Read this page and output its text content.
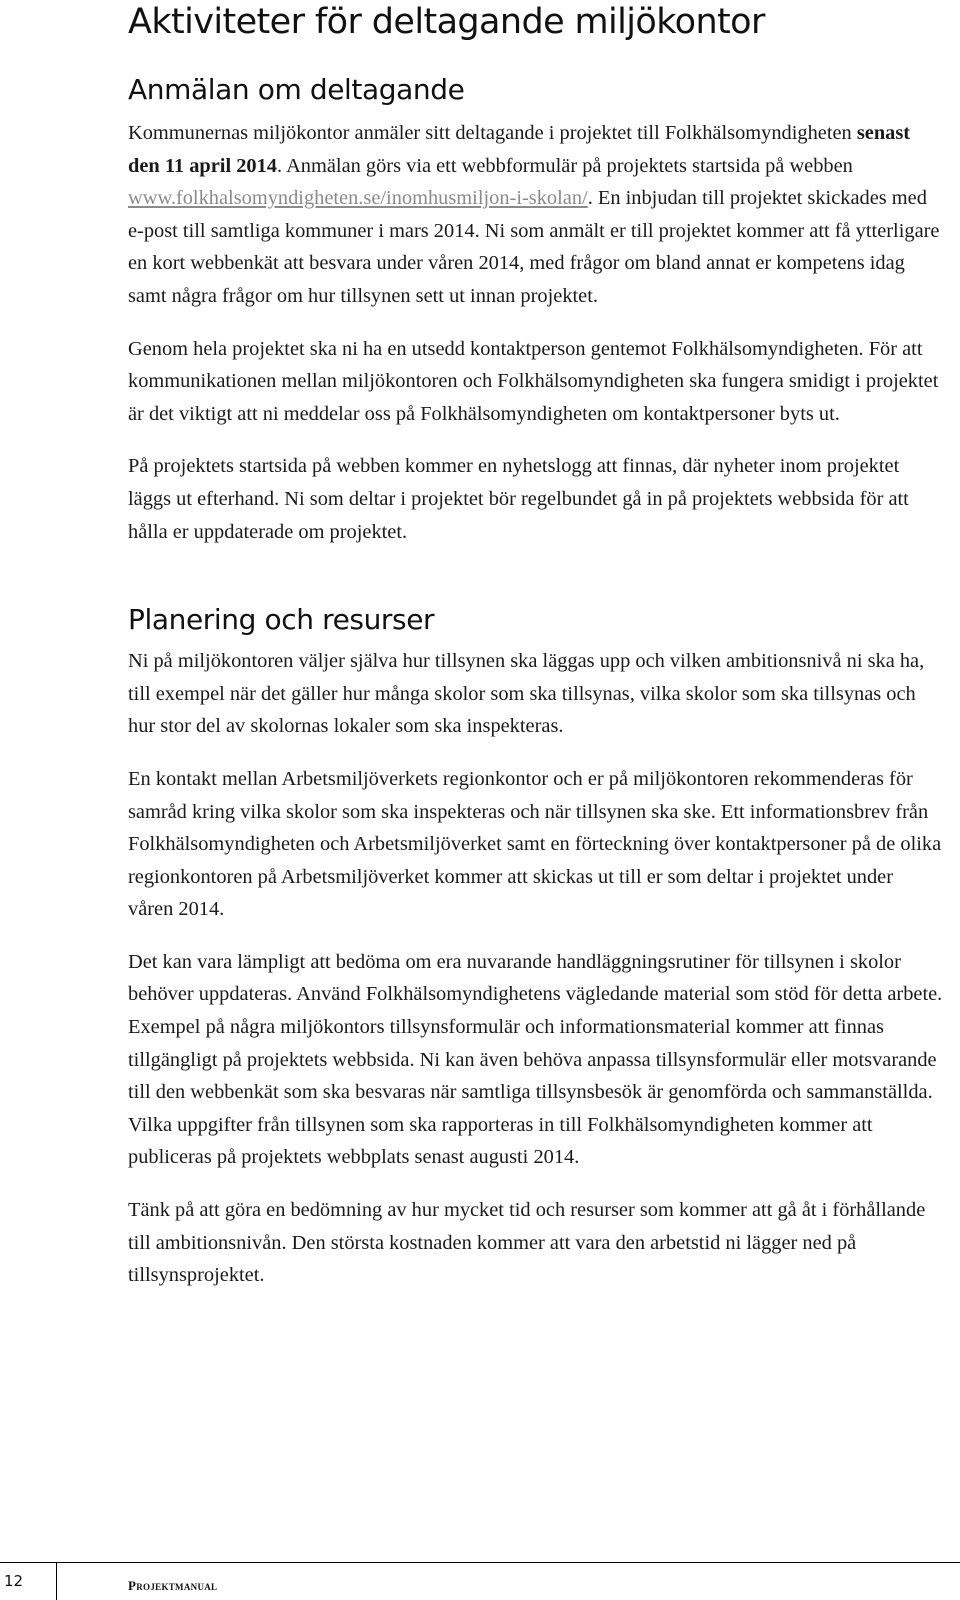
Aktiviteter för deltagande miljökontor
Anmälan om deltagande

Kommunernas miljökontor anmäler sitt deltagande i projektet till Folkhälsomyndigheten senast den 11 april 2014. Anmälan görs via ett webbformulär på projektets startsida på webben www.folkhalsomyndigheten.se/inomhusmiljon-i-skolan/. En inbjudan till projektet skickades med e-post till samtliga kommuner i mars 2014. Ni som anmält er till projektet kommer att få ytterligare en kort webbenkät att besvara under våren 2014, med frågor om bland annat er kompetens idag samt några frågor om hur tillsynen sett ut innan projektet.

Genom hela projektet ska ni ha en utsedd kontaktperson gentemot Folkhälsomyndigheten. För att kommunikationen mellan miljökontoren och Folkhälsomyndigheten ska fungera smidigt i projektet är det viktigt att ni meddelar oss på Folkhälsomyndigheten om kontaktpersoner byts ut.

På projektets startsida på webben kommer en nyhetslogg att finnas, där nyheter inom projektet läggs ut efterhand. Ni som deltar i projektet bör regelbundet gå in på projektets webbsida för att hålla er uppdaterade om projektet.

Planering och resurser

Ni på miljökontoren väljer själva hur tillsynen ska läggas upp och vilken ambitionsnivå ni ska ha, till exempel när det gäller hur många skolor som ska tillsynas, vilka skolor som ska tillsynas och hur stor del av skolornas lokaler som ska inspekteras.

En kontakt mellan Arbetsmiljöverkets regionkontor och er på miljökontoren rekommenderas för samråd kring vilka skolor som ska inspekteras och när tillsynen ska ske. Ett informationsbrev från Folkhälsomyndigheten och Arbetsmiljöverket samt en förteckning över kontaktpersoner på de olika regionkontoren på Arbetsmiljöverket kommer att skickas ut till er som deltar i projektet under våren 2014.

Det kan vara lämpligt att bedöma om era nuvarande handläggningsrutiner för tillsynen i skolor behöver uppdateras. Använd Folkhälsomyndighetens vägledande material som stöd för detta arbete. Exempel på några miljökontors tillsynsformulär och informationsmaterial kommer att finnas tillgängligt på projektets webbsida. Ni kan även behöva anpassa tillsynsformulär eller motsvarande till den webbenkät som ska besvaras när samtliga tillsynsbesök är genomförda och sammanställda. Vilka uppgifter från tillsynen som ska rapporteras in till Folkhälsomyndigheten kommer att publiceras på projektets webbplats senast augusti 2014.

Tänk på att göra en bedömning av hur mycket tid och resurser som kommer att gå åt i förhållande till ambitionsnivån. Den största kostnaden kommer att vara den arbetstid ni lägger ned på tillsynsprojektet.

12	Projektmanual
